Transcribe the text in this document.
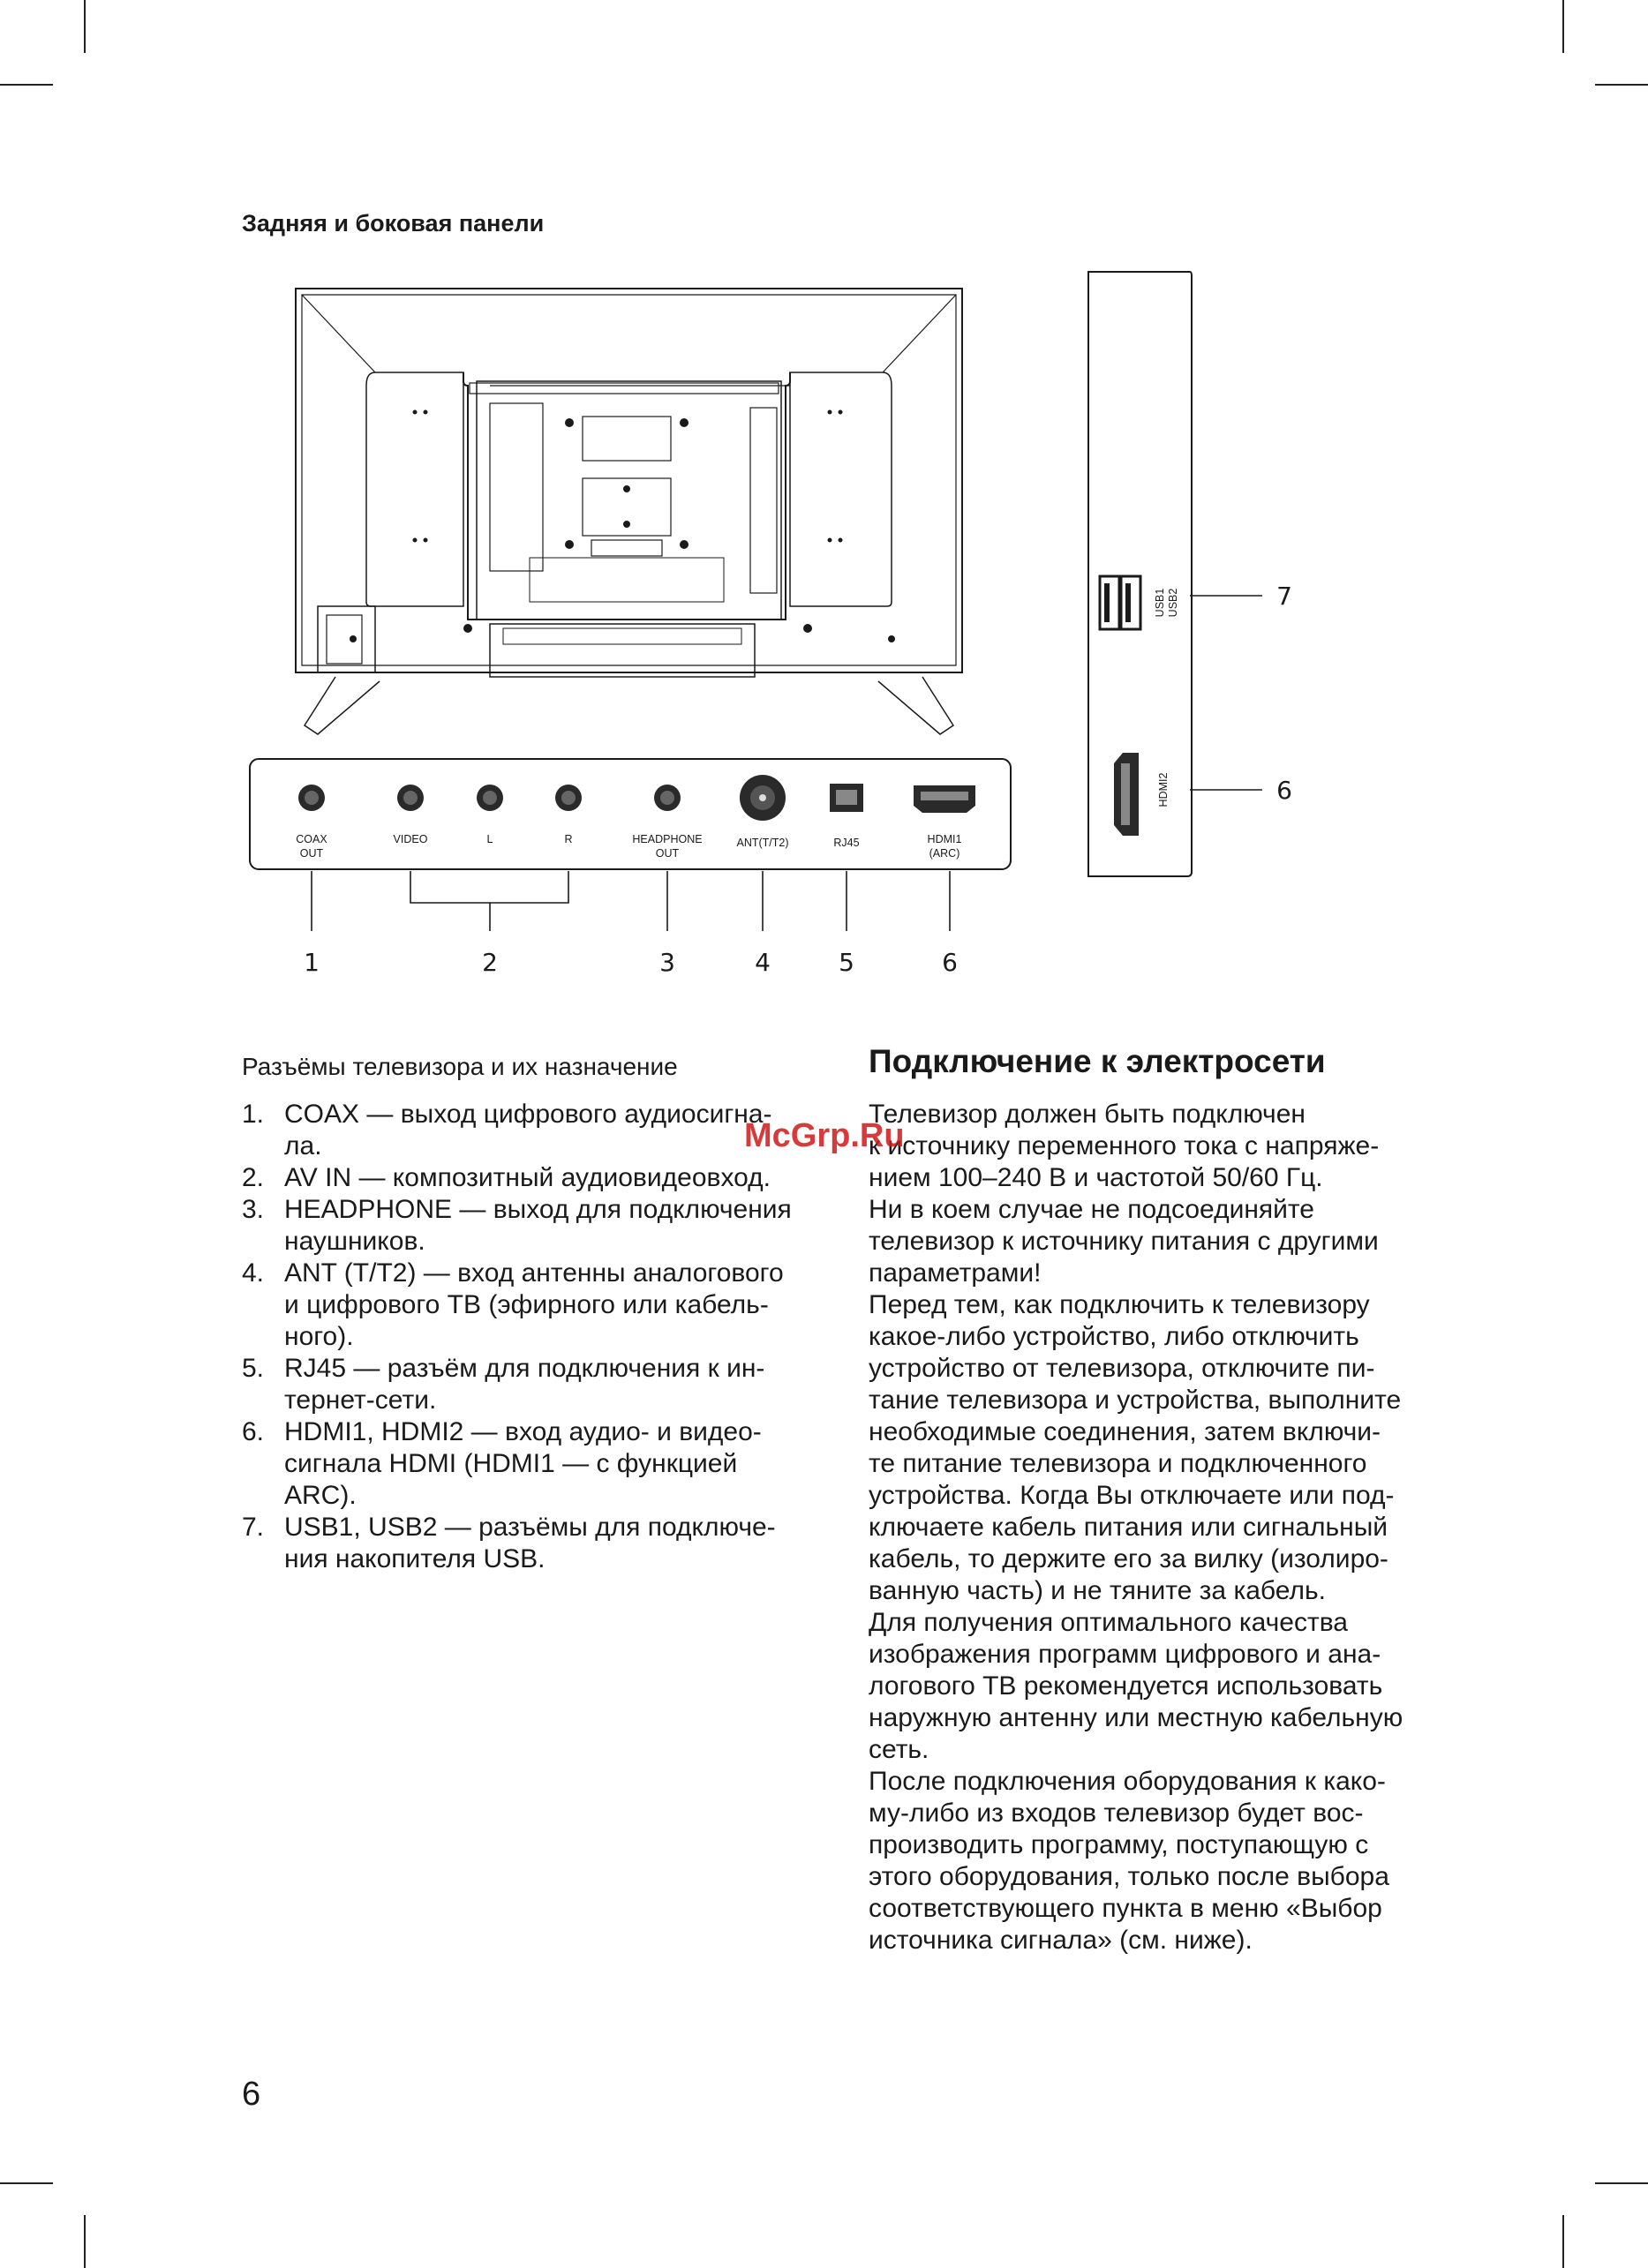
Задняя и боковая панели
COAX
OUT
VIDEO	L	R	HEADPHONE
OUT
ANT(T/T2)	RJ45	HDMI1
(ARC)
1	2	3	4	5	6
USB1 USB2
HDMI2
7
6
Разъёмы телевизора и их назначение
1. COAX — выход цифрового аудиосигна-
ла.
2. AV IN — композитный аудиовидеовход.
3. HEADPHONE — выход для подключения
наушников.
4. ANT (T/T2) — вход антенны аналогового
и цифрового ТВ (эфирного или кабель-
ного).
5. RJ45 — разъём для подключения к ин-
тернет-сети.
6. HDMI1, HDMI2 — вход аудио- и видео-
сигнала HDMI (HDMI1 — с функцией
ARC).
7. USB1, USB2 — разъёмы для подключе-
ния накопителя USB.
Подключение к электросети
Телевизор должен быть подключен
к источнику переменного тока с напряже-
нием 100–240 В и частотой 50/60 Гц.
Ни в коем случае не подсоединяйте
телевизор к источнику питания с другими
параметрами!
Перед тем, как подключить к телевизору
какое-либо устройство, либо отключить
устройство от телевизора, отключите пи-
тание телевизора и устройства, выполните
необходимые соединения, затем включи-
те питание телевизора и подключенного
устройства. Когда Вы отключаете или под-
ключаете кабель питания или сигнальный
кабель, то держите его за вилку (изолиро-
ванную часть) и не тяните за кабель.
Для получения оптимального качества
изображения программ цифрового и ана-
логового ТВ рекомендуется использовать
наружную антенну или местную кабельную
сеть.
После подключения оборудования к како-
му-либо из входов телевизор будет вос-
производить программу, поступающую с
этого оборудования, только после выбора
соответствующего пункта в меню «Выбор
источника сигнала» (см. ниже).
McGrp.Ru
6
